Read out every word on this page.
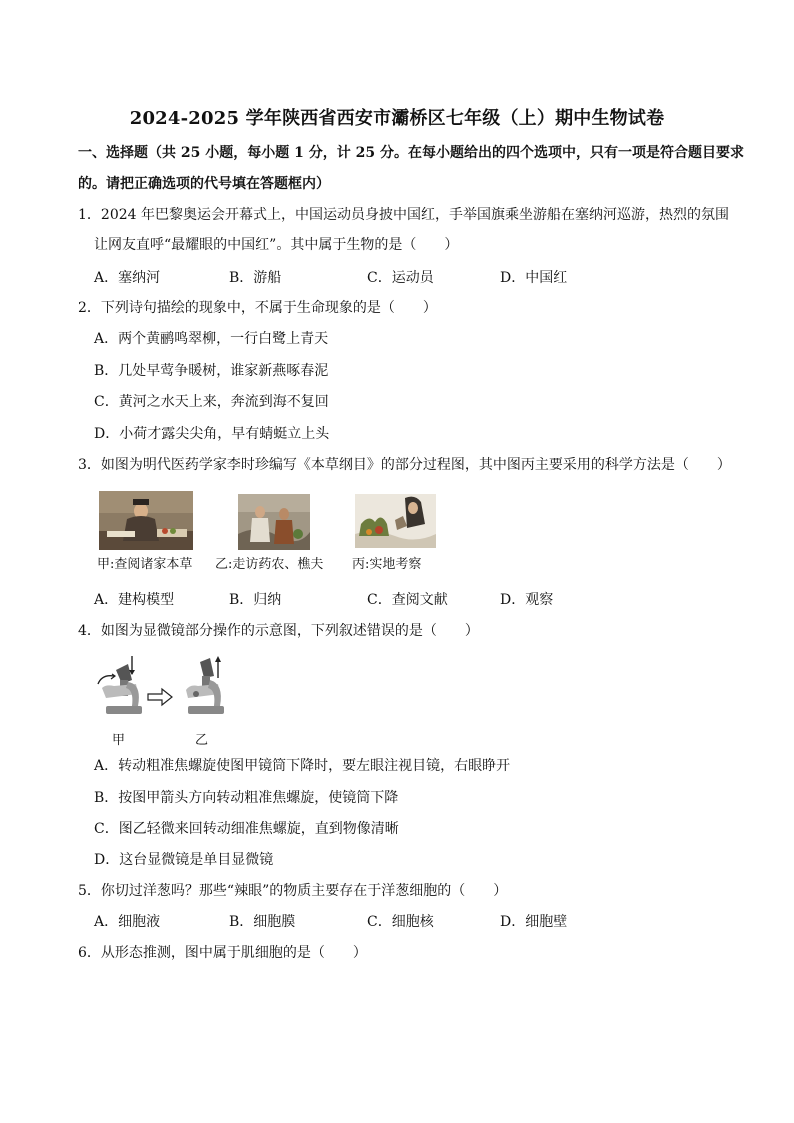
2024-2025 学年陕西省西安市灞桥区七年级（上）期中生物试卷
一、选择题（共 25 小题，每小题 1 分，计 25 分。在每小题给出的四个选项中，只有一项是符合题目要求
的。请把正确选项的代号填在答题框内）
1．2024 年巴黎奥运会开幕式上，中国运动员身披中国红，手举国旗乘坐游船在塞纳河巡游，热烈的氛围
让网友直呼“最耀眼的中国红”。其中属于生物的是（　　）
A．塞纳河	B．游船	C．运动员	D．中国红
2．下列诗句描绘的现象中，不属于生命现象的是（　　）
A．两个黄鹂鸣翠柳，一行白鹭上青天
B．几处早莺争暖树，谁家新燕啄春泥
C．黄河之水天上来，奔流到海不复回
D．小荷才露尖尖角，早有蜻蜓立上头
3．如图为明代医药学家李时珍编写《本草纲目》的部分过程图，其中图丙主要采用的科学方法是（　　）
甲:查阅诸家本草 乙:走访药农、樵夫 丙:实地考察
A．建构模型	B．归纳	C．查阅文献	D．观察
4．如图为显微镜部分操作的示意图，下列叙述错误的是（　　）
甲	乙
A．转动粗准焦螺旋使图甲镜筒下降时，要左眼注视目镜，右眼睁开
B．按图甲箭头方向转动粗准焦螺旋，使镜筒下降
C．图乙轻微来回转动细准焦螺旋，直到物像清晰
D．这台显微镜是单目显微镜
5．你切过洋葱吗？那些“辣眼”的物质主要存在于洋葱细胞的（　　）
A．细胞液	B．细胞膜	C．细胞核	D．细胞壁
6．从形态推测，图中属于肌细胞的是（　　）
